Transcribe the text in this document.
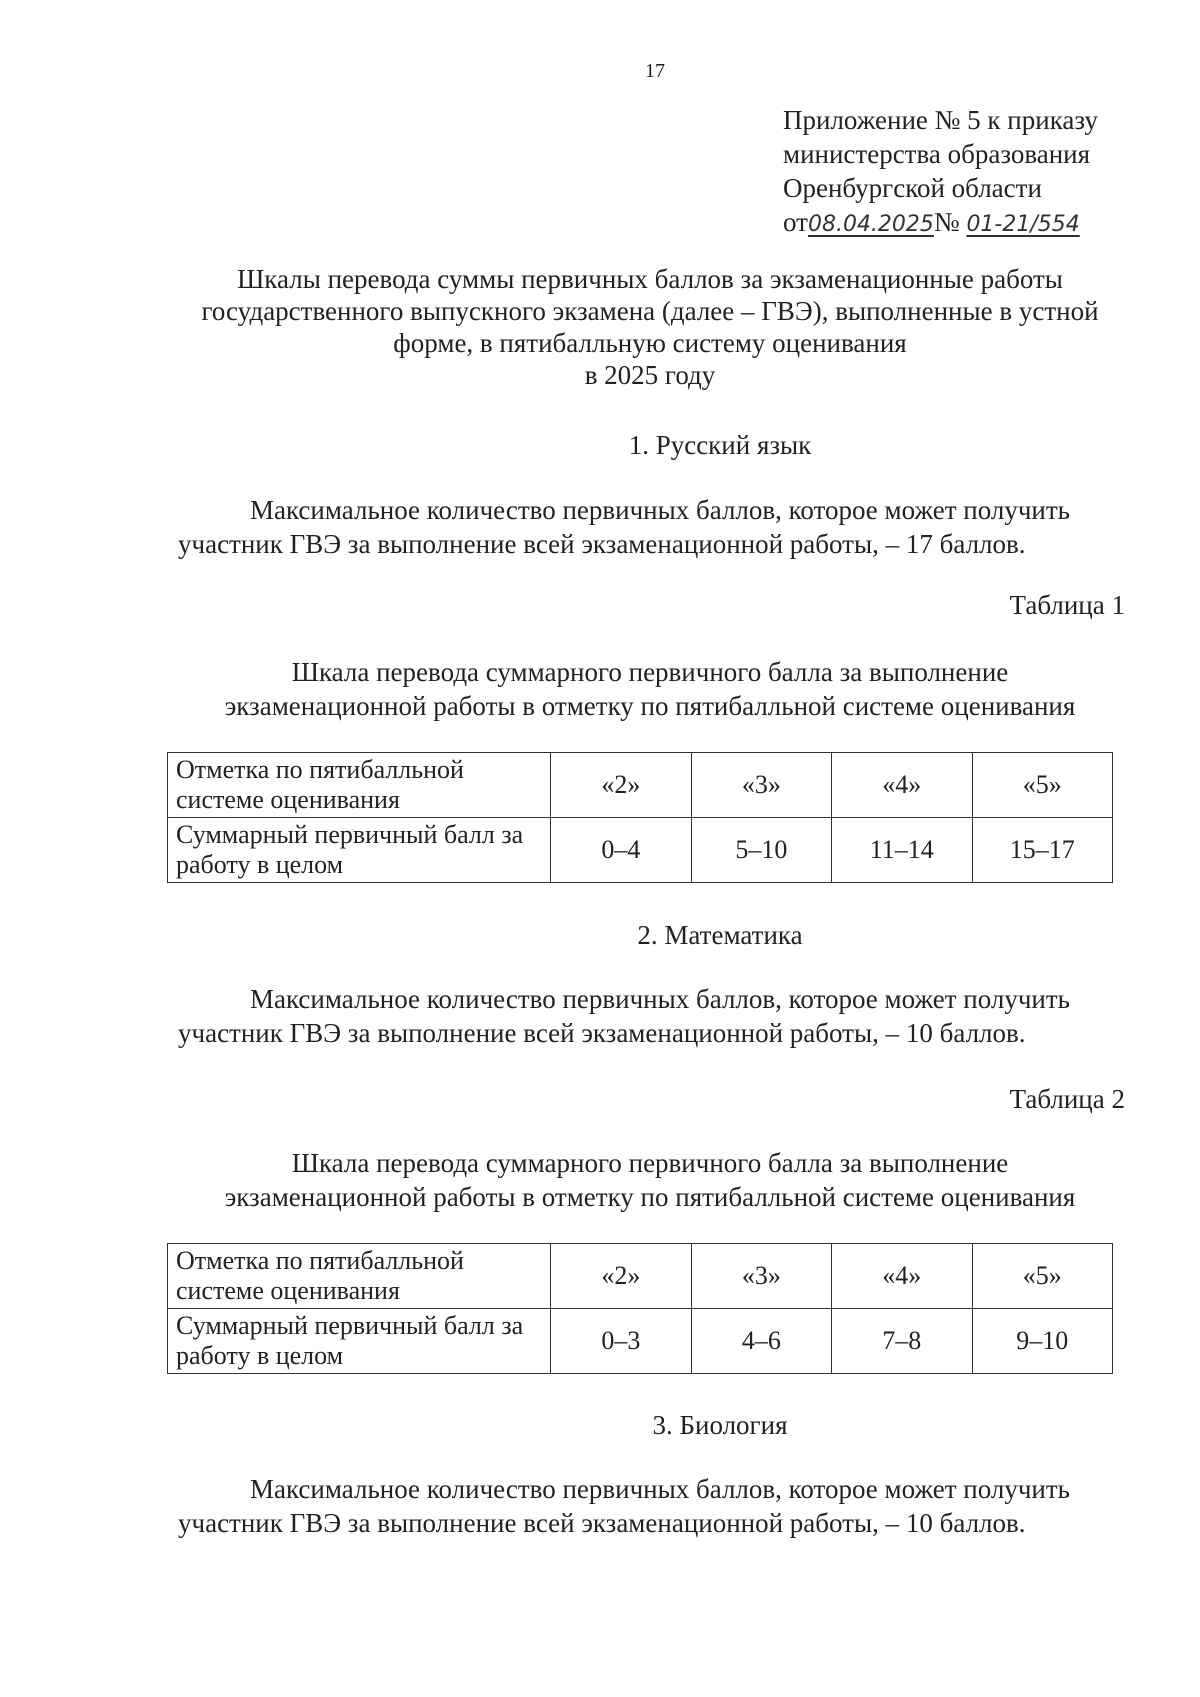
17
Приложение № 5 к приказу
министерства образования
Оренбургской области
от08.04.2025№ 01-21/554
Шкалы перевода суммы первичных баллов за экзаменационные работы
государственного выпускного экзамена (далее – ГВЭ), выполненные в устной
форме, в пятибалльную систему оценивания
в 2025 году
1. Русский язык
Максимальное количество первичных баллов, которое может получить
участник ГВЭ за выполнение всей экзаменационной работы, – 17 баллов.
Таблица 1
Шкала перевода суммарного первичного балла за выполнение
экзаменационной работы в отметку по пятибалльной системе оценивания
Отметка по пятибалльной системе оценивания	«2»	«3»	«4»	«5»
Суммарный первичный балл за работу в целом	0–4	5–10	11–14	15–17
2. Математика
Максимальное количество первичных баллов, которое может получить
участник ГВЭ за выполнение всей экзаменационной работы, – 10 баллов.
Таблица 2
Шкала перевода суммарного первичного балла за выполнение
экзаменационной работы в отметку по пятибалльной системе оценивания
Отметка по пятибалльной системе оценивания	«2»	«3»	«4»	«5»
Суммарный первичный балл за работу в целом	0–3	4–6	7–8	9–10
3. Биология
Максимальное количество первичных баллов, которое может получить
участник ГВЭ за выполнение всей экзаменационной работы, – 10 баллов.
